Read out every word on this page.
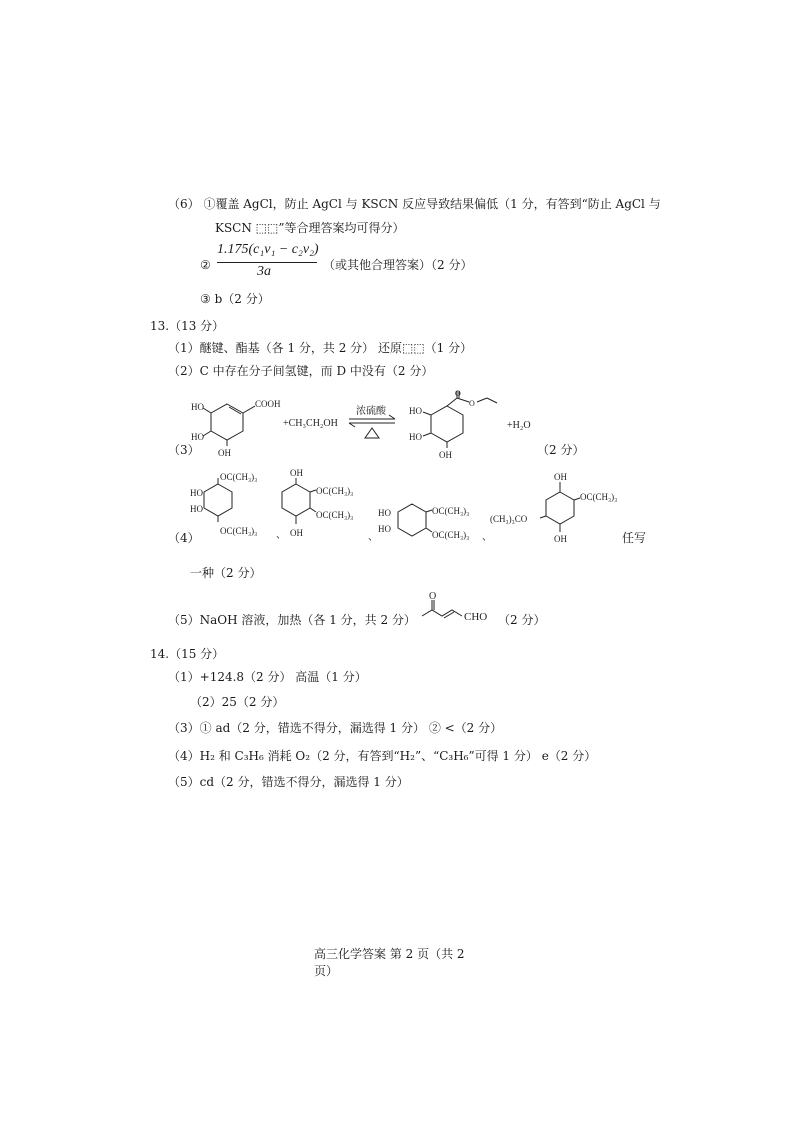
（6） ①覆盖 AgCl，防止 AgCl 与 KSCN 反应导致结果偏低（1 分，有答到“防止 AgCl 与
KSCN ⬚⬚”等合理答案均可得分）
②
1.175(c₁v₁ − c₂v₂)
3a	（或其他合理答案）（2 分）
③ b（2 分）
13.（13 分）
（1）醚键、酯基（各 1 分，共 2 分） 还原⬚⬚（1 分）
（2）C 中存在分子间氢键，而 D 中没有（2 分）
（3）
HO
HO
OH
COOH
+CH₃CH₂OH
浓硫酸
O
O
HO
HO
OH
+H₂O
（2 分）
（4）
OC(CH₃)₃
HO
HO
OC(CH₃)₃ 、
OH
OC(CH₃)₃
OC(CH₃)₃
OH	、
HO
HO
OC(CH₃)₃
OC(CH₃)₃ 、
OH
OC(CH₃)₃
(CH₃)₃CO
OH	任写
一种（2 分）
（5）NaOH 溶液，加热（各 1 分，共 2 分）
O
CHO （2 分）
14.（15 分）
（1）+124.8（2 分） 高温（1 分）
（2）25（2 分）
（3）① ad（2 分，错选不得分，漏选得 1 分） ② <（2 分）
（4）H₂ 和 C₃H₆ 消耗 O₂（2 分，有答到“H₂”、“C₃H₆”可得 1 分） e（2 分）
（5）cd（2 分，错选不得分，漏选得 1 分）
高三化学答案 第 2 页（共 2
页）
